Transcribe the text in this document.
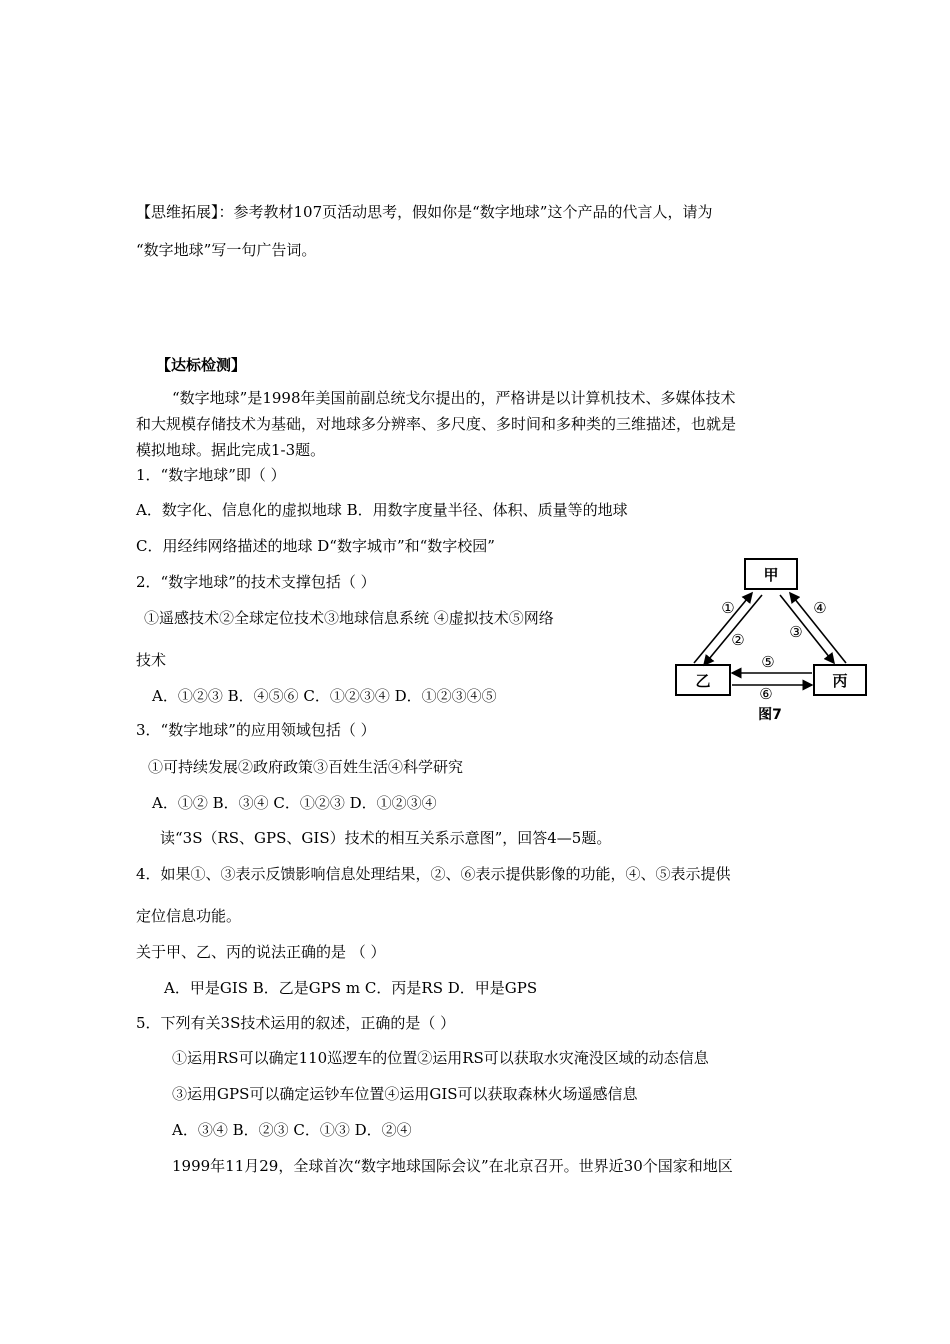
【思维拓展】：参考教材107页活动思考，假如你是“数字地球”这个产品的代言人，请为
“数字地球”写一句广告词。
【达标检测】
“数字地球”是1998年美国前副总统戈尔提出的，严格讲是以计算机技术、多媒体技术
和大规模存储技术为基础，对地球多分辨率、多尺度、多时间和多种类的三维描述，也就是
模拟地球。据此完成1-3题。
1．“数字地球”即（ ）
A．数字化、信息化的虚拟地球 B．用数字度量半径、体积、质量等的地球
C．用经纬网络描述的地球 D“数字城市”和“数字校园”
2．“数字地球”的技术支撑包括（ ）
①遥感技术②全球定位技术③地球信息系统 ④虚拟技术⑤网络
技术
A．①②③ B．④⑤⑥ C．①②③④ D．①②③④⑤
3．“数字地球”的应用领域包括（ ）
①可持续发展②政府政策③百姓生活④科学研究
A．①② B．③④ C．①②③ D．①②③④
读“3S（RS、GPS、GIS）技术的相互关系示意图”，回答4—5题。
4．如果①、③表示反馈影响信息处理结果，②、⑥表示提供影像的功能，④、⑤表示提供
定位信息功能。
关于甲、乙、丙的说法正确的是 （ ）
A．甲是GIS B．乙是GPS m C．丙是RS D．甲是GPS
5．下列有关3S技术运用的叙述，正确的是（ ）
①运用RS可以确定110巡逻车的位置②运用RS可以获取水灾淹没区域的动态信息
③运用GPS可以确定运钞车位置④运用GIS可以获取森林火场遥感信息
A．③④ B．②③ C．①③ D．②④
1999年11月29，全球首次“数字地球国际会议”在北京召开。世界近30个国家和地区
甲
乙	丙
①
②	③
④
⑤
⑥
图7
